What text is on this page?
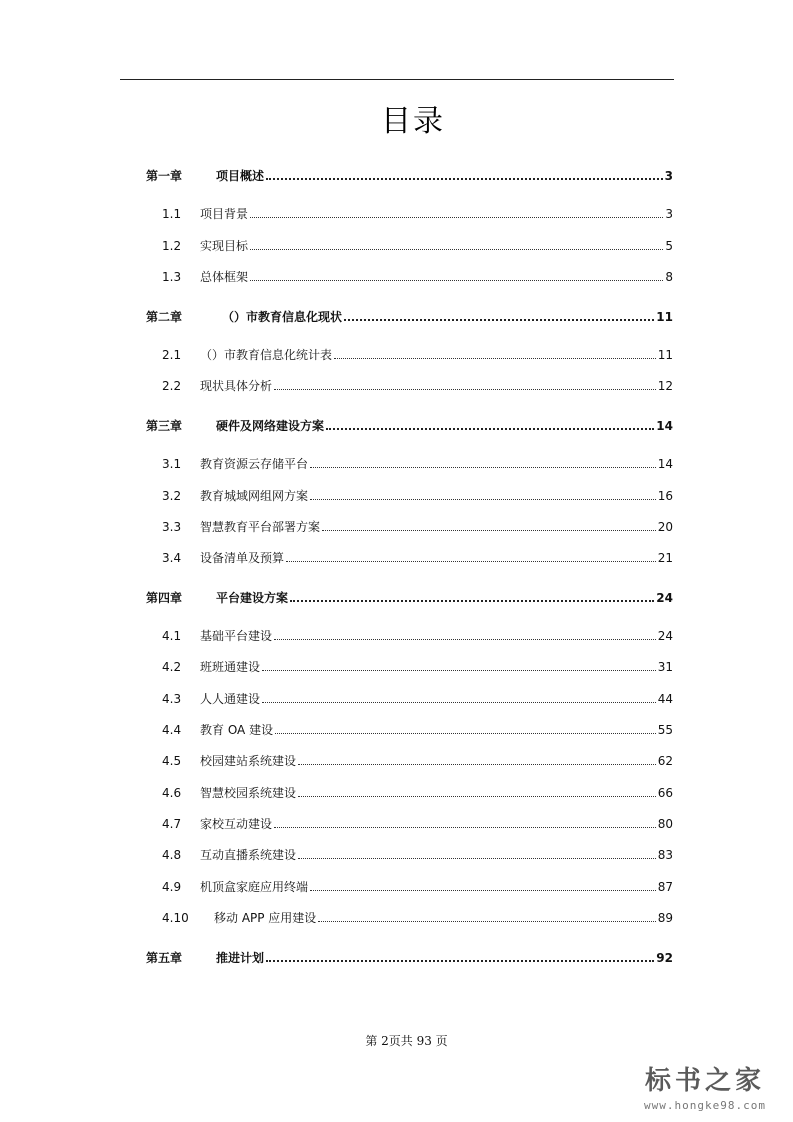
目录
第一章	项目概述	3
1.1	项目背景	3
1.2	实现目标	5
1.3	总体框架	8
第二章	（）市教育信息化现状	11
2.1	（）市教育信息化统计表	11
2.2	现状具体分析	12
第三章	硬件及网络建设方案	14
3.1	教育资源云存储平台	14
3.2	教育城域网组网方案	16
3.3	智慧教育平台部署方案	20
3.4	设备清单及预算	21
第四章	平台建设方案	24
4.1	基础平台建设	24
4.2	班班通建设	31
4.3	人人通建设	44
4.4	教育 OA 建设	55
4.5	校园建站系统建设	62
4.6	智慧校园系统建设	66
4.7	家校互动建设	80
4.8	互动直播系统建设	83
4.9	机顶盒家庭应用终端	87
4.10	移动 APP 应用建设	89
第五章	推进计划	92
第 2页共 93 页
标书之家
www.hongke98.com
